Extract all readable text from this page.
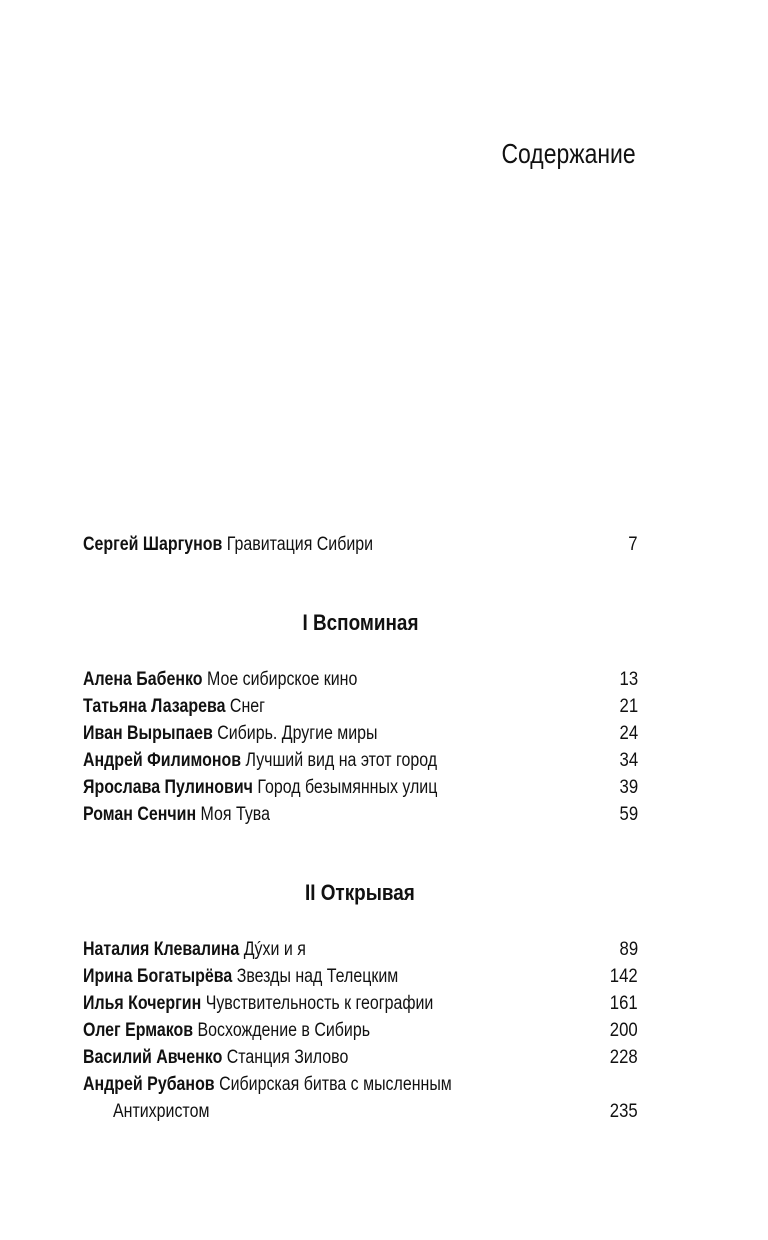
Содержание
Сергей Шаргунов Гравитация Сибири	7
I Вспоминая
Алена Бабенко Мое сибирское кино	13
Татьяна Лазарева Снег	21
Иван Вырыпаев Сибирь. Другие миры	24
Андрей Филимонов Лучший вид на этот город	34
Ярослава Пулинович Город безымянных улиц	39
Роман Сенчин Моя Тува	59
II Открывая
Наталия Клевалина Дýхи и я	89
Ирина Богатырёва Звезды над Телецким	142
Илья Кочергин Чувствительность к географии	161
Олег Ермаков Восхождение в Сибирь	200
Василий Авченко Станция Зилово	228
Андрей Рубанов Сибирская битва с мысленным
Антихристом	235
